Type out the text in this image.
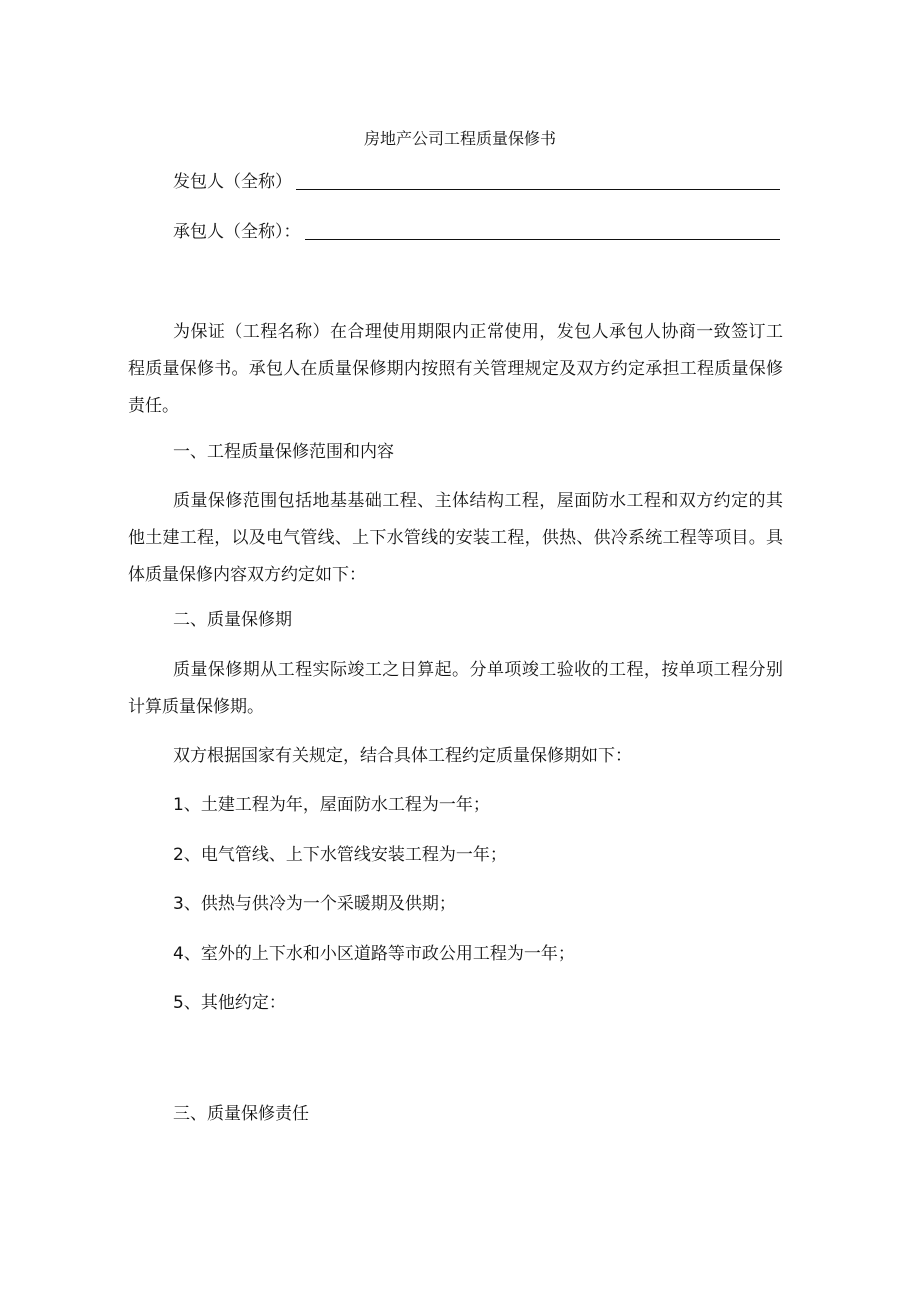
房地产公司工程质量保修书
发包人（全称）
承包人（全称）：

为保证（工程名称）在合理使用期限内正常使用，发包人承包人协商一致签订工程质量保修书。承包人在质量保修期内按照有关管理规定及双方约定承担工程质量保修责任。

一、工程质量保修范围和内容

质量保修范围包括地基基础工程、主体结构工程，屋面防水工程和双方约定的其他土建工程，以及电气管线、上下水管线的安装工程，供热、供冷系统工程等项目。具体质量保修内容双方约定如下：

二、质量保修期

质量保修期从工程实际竣工之日算起。分单项竣工验收的工程，按单项工程分别计算质量保修期。

双方根据国家有关规定，结合具体工程约定质量保修期如下：

1、土建工程为年，屋面防水工程为一年；

2、电气管线、上下水管线安装工程为一年；

3、供热与供冷为一个采暖期及供期；

4、室外的上下水和小区道路等市政公用工程为一年；

5、其他约定：

三、质量保修责任
